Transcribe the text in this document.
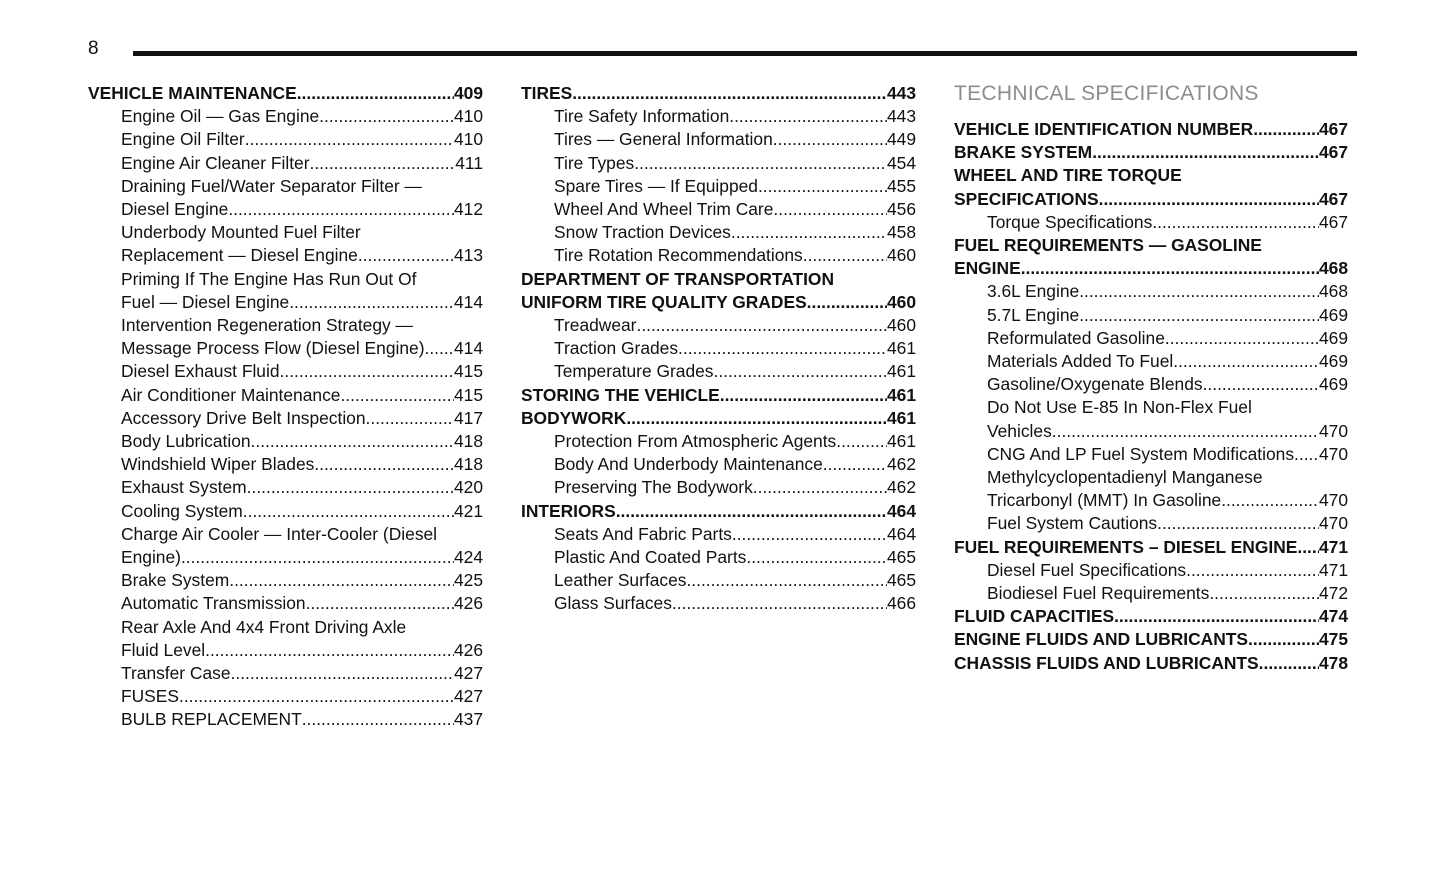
8
VEHICLE MAINTENANCE .....	409
Engine Oil — Gas Engine .....	410
Engine Oil Filter .....	410
Engine Air Cleaner Filter .....	411
Draining Fuel/Water Separator Filter —
Diesel Engine .....	412
Underbody Mounted Fuel Filter
Replacement — Diesel Engine .....	413
Priming If The Engine Has Run Out Of
Fuel — Diesel Engine .....	414
Intervention Regeneration Strategy —
Message Process Flow (Diesel Engine) ..... 414
Diesel Exhaust Fluid .....	415
Air Conditioner Maintenance .....	415
Accessory Drive Belt Inspection .....	417
Body Lubrication .....	418
Windshield Wiper Blades .....	418
Exhaust System .....	420
Cooling System .....	421
Charge Air Cooler — Inter-Cooler (Diesel
Engine) .....	424
Brake System .....	425
Automatic Transmission .....	426
Rear Axle And 4x4 Front Driving Axle
Fluid Level .....	426
Transfer Case .....	427
FUSES .....	427
BULB REPLACEMENT .....	437
TIRES .....	443
Tire Safety Information .....	443
Tires — General Information .....	449
Tire Types .....	454
Spare Tires — If Equipped .....	455
Wheel And Wheel Trim Care .....	456
Snow Traction Devices .....	458
Tire Rotation Recommendations .....	460
DEPARTMENT OF TRANSPORTATION
UNIFORM TIRE QUALITY GRADES .....	460
Treadwear .....	460
Traction Grades .....	461
Temperature Grades .....	461
STORING THE VEHICLE .....	461
BODYWORK .....	461
Protection From Atmospheric Agents .....	461
Body And Underbody Maintenance .....	462
Preserving The Bodywork .....	462
INTERIORS .....	464
Seats And Fabric Parts .....	464
Plastic And Coated Parts .....	465
Leather Surfaces .....	465
Glass Surfaces .....	466
TECHNICAL SPECIFICATIONS
VEHICLE IDENTIFICATION NUMBER .....	467
BRAKE SYSTEM .....	467
WHEEL AND TIRE TORQUE
SPECIFICATIONS .....	467
Torque Specifications .....	467
FUEL REQUIREMENTS — GASOLINE
ENGINE .....	468
3.6L Engine .....	468
5.7L Engine .....	469
Reformulated Gasoline .....	469
Materials Added To Fuel .....	469
Gasoline/Oxygenate Blends .....	469
Do Not Use E-85 In Non-Flex Fuel
Vehicles .....	470
CNG And LP Fuel System Modifications ..... 470
Methylcyclopentadienyl Manganese
Tricarbonyl (MMT) In Gasoline .....	470
Fuel System Cautions .....	470
FUEL REQUIREMENTS – DIESEL ENGINE ..... 471
Diesel Fuel Specifications .....	471
Biodiesel Fuel Requirements .....	472
FLUID CAPACITIES .....	474
ENGINE FLUIDS AND LUBRICANTS .....	475
CHASSIS FLUIDS AND LUBRICANTS .....	478
